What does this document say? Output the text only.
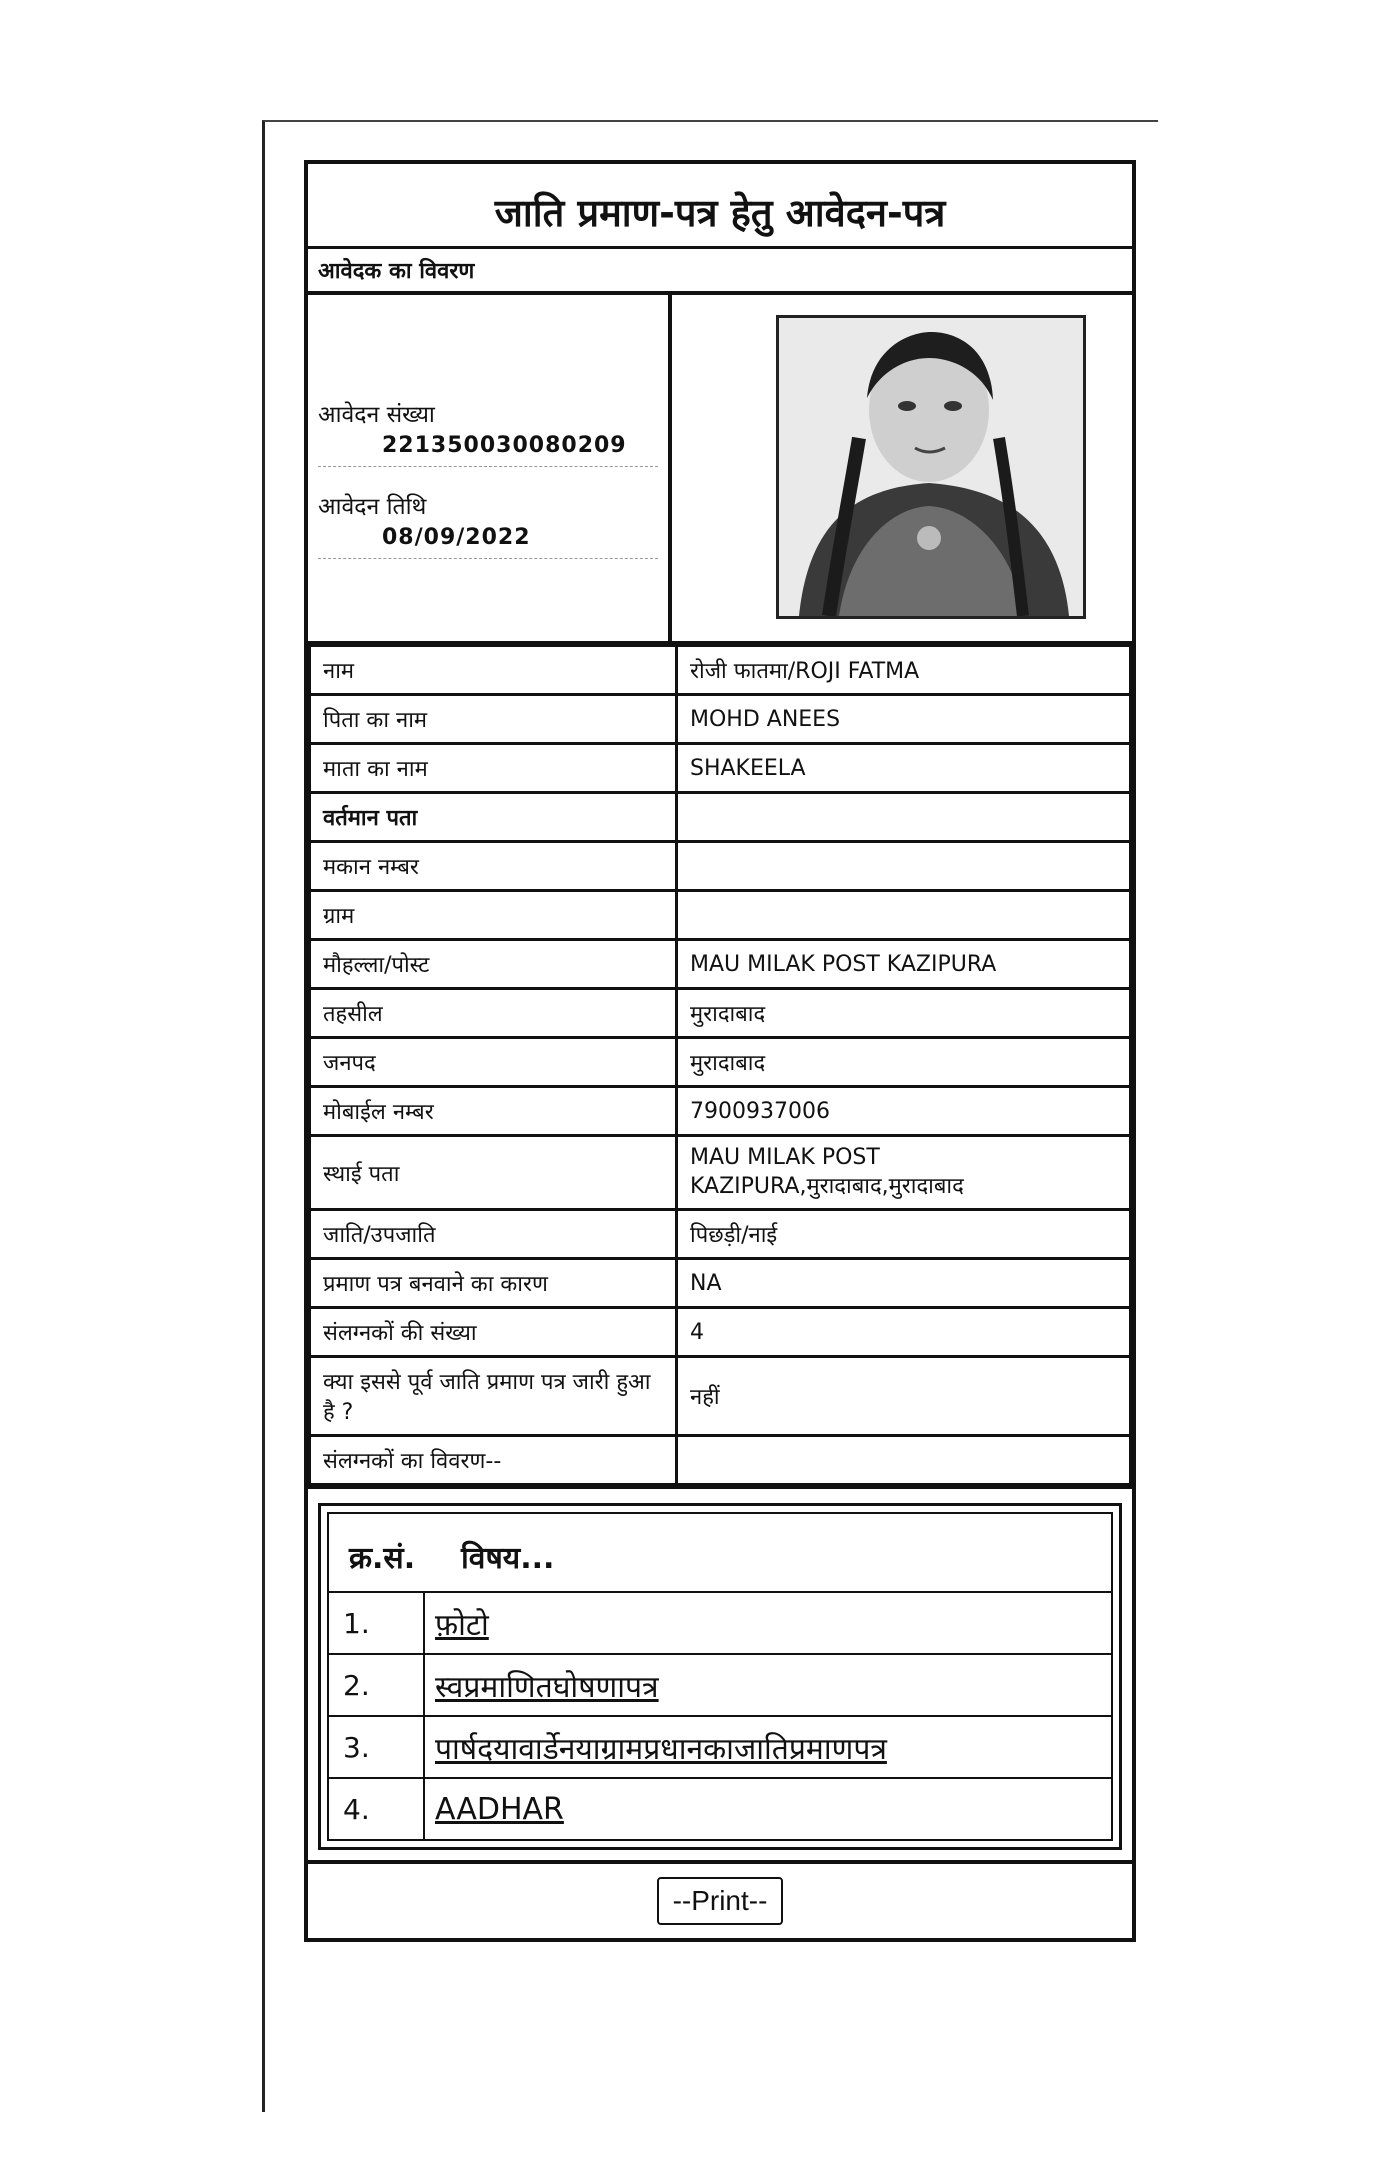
जाति प्रमाण-पत्र हेतु आवेदन-पत्र
आवेदक का विवरण
आवेदन संख्या
221350030080209
आवेदन तिथि
08/09/2022
नाम	रोजी फातमा/ROJI FATMA
पिता का नाम	MOHD ANEES
माता का नाम	SHAKEELA
वर्तमान पता	
मकान नम्बर	
ग्राम	
मौहल्ला/पोस्ट	MAU MILAK POST KAZIPURA
तहसील	मुरादाबाद
जनपद	मुरादाबाद
मोबाईल नम्बर	7900937006
स्थाई पता	MAU MILAK POST KAZIPURA,मुरादाबाद,मुरादाबाद
जाति/उपजाति	पिछड़ी/नाई
प्रमाण पत्र बनवाने का कारण	NA
संलग्नकों की संख्या	4
क्या इससे पूर्व जाति प्रमाण पत्र जारी हुआ है ?	नहीं
संलग्नकों का विवरण--	
क्र.सं.	विषय...
1.	फ़ोटो
2.	स्वप्रमाणितघोषणापत्र
3.	पार्षदयावार्डेनयाग्रामप्रधानकाजातिप्रमाणपत्र
4.	AADHAR
--Print--
